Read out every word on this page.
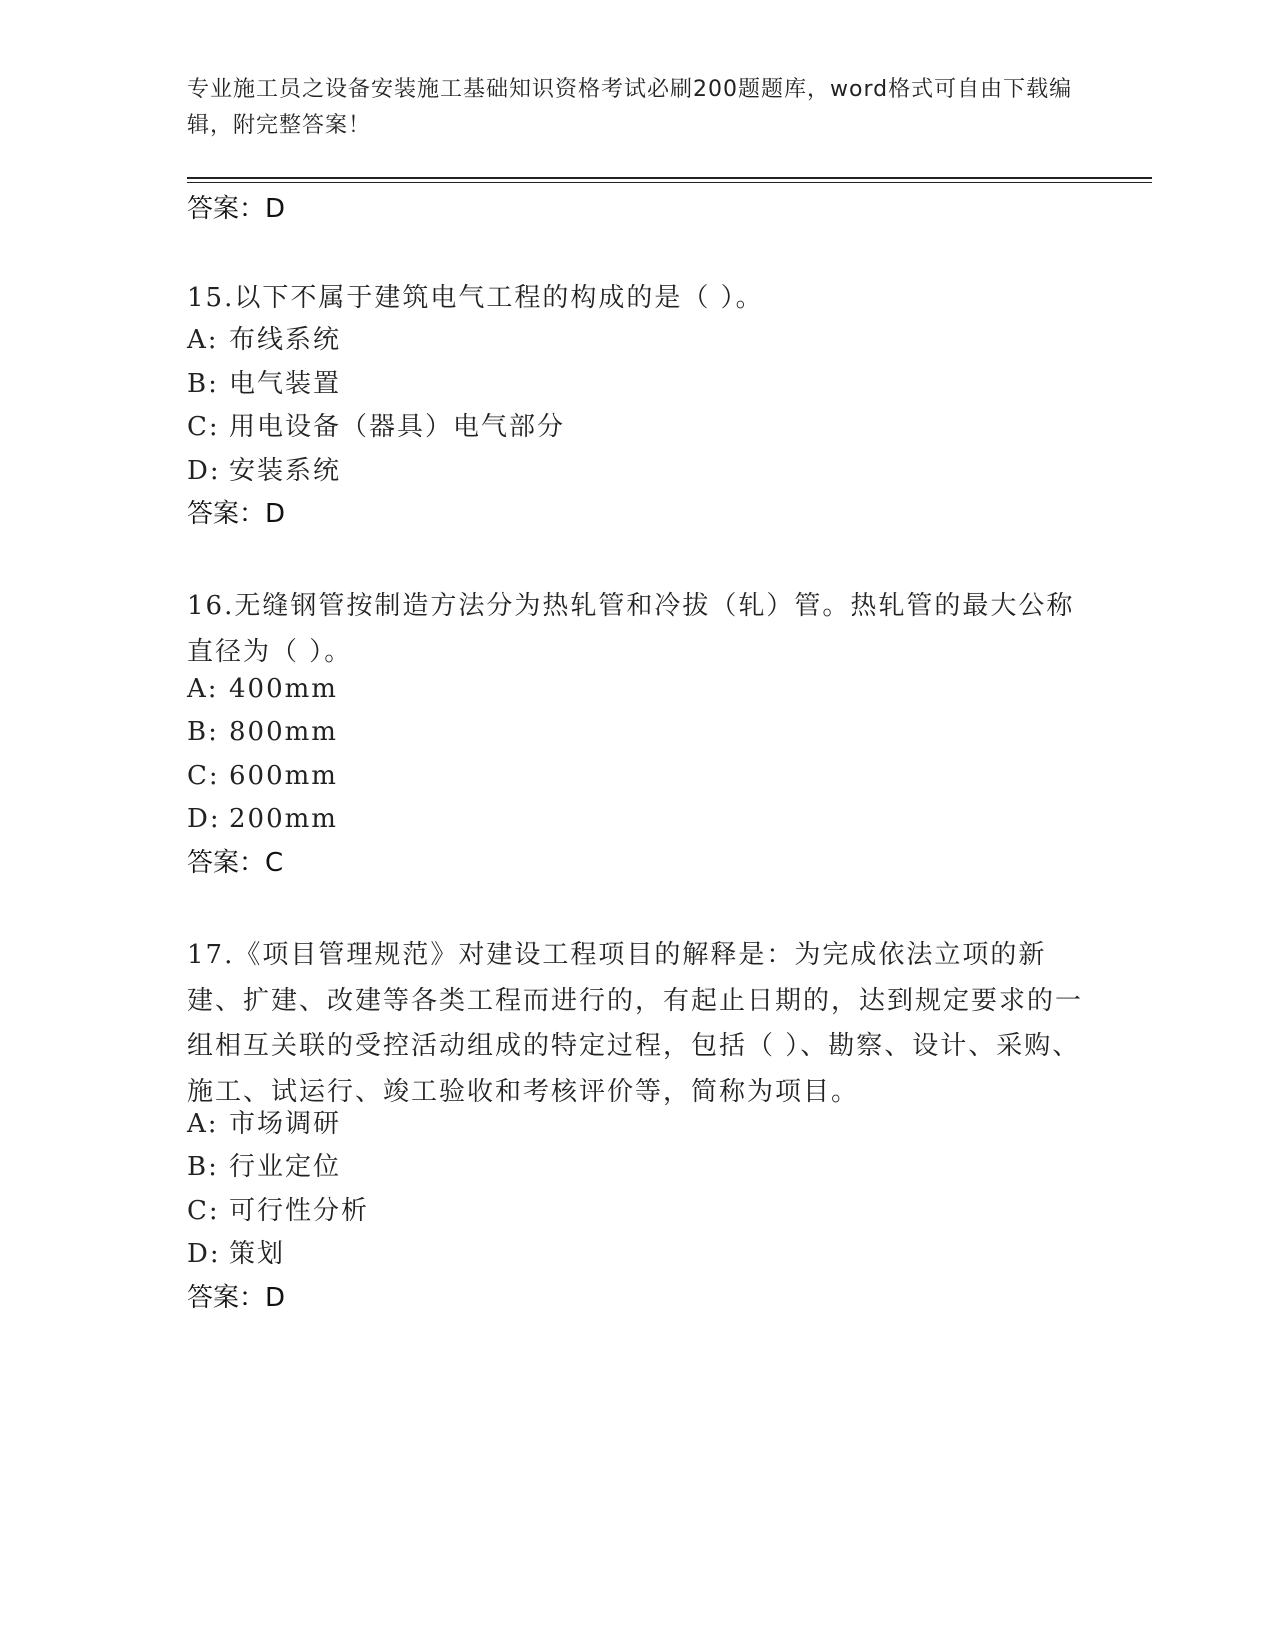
专业施工员之设备安装施工基础知识资格考试必刷200题题库，word格式可自由下载编辑，附完整答案！
答案：D
15.以下不属于建筑电气工程的构成的是（ ）。
A: 布线系统
B: 电气装置
C: 用电设备（器具）电气部分
D: 安装系统
答案：D
16.无缝钢管按制造方法分为热轧管和冷拔（轧）管。热轧管的最大公称直径为（ ）。
A: 400mm
B: 800mm
C: 600mm
D: 200mm
答案：C
17.《项目管理规范》对建设工程项目的解释是：为完成依法立项的新建、扩建、改建等各类工程而进行的，有起止日期的，达到规定要求的一组相互关联的受控活动组成的特定过程，包括（ ）、勘察、设计、采购、施工、试运行、竣工验收和考核评价等，简称为项目。
A: 市场调研
B: 行业定位
C: 可行性分析
D: 策划
答案：D
